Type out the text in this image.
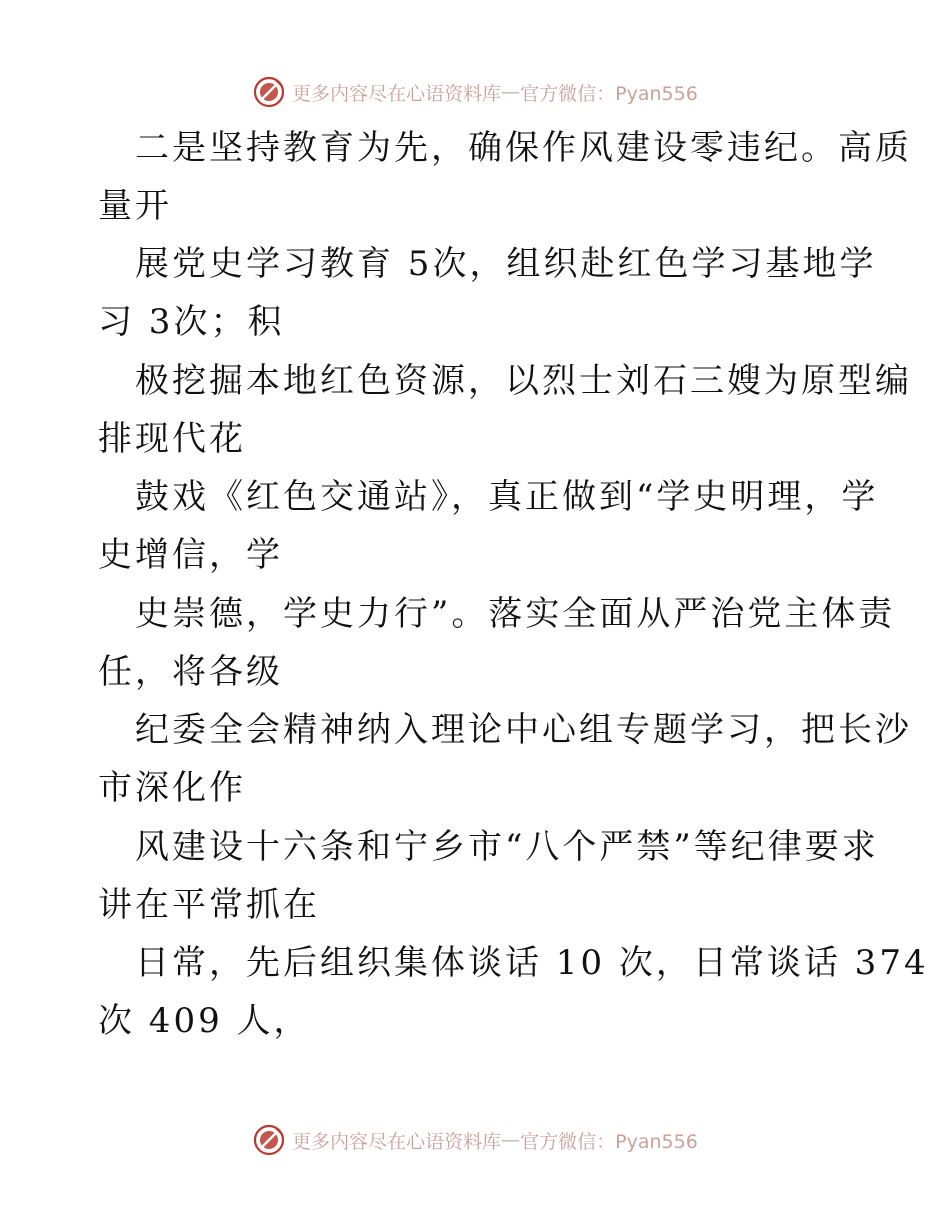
更多内容尽在心语资料库 — 官方微信：Pyan556
二是坚持教育为先，确保作风建设零违纪。高质
量开
展党史学习教育 5次，组织赴红色学习基地学
习 3次；积
极挖掘本地红色资源，以烈士刘石三嫂为原型编
排现代花
鼓戏《红色交通站》，真正做到“学史明理，学
史增信，学
史崇德，学史力行”。落实全面从严治党主体责
任，将各级
纪委全会精神纳入理论中心组专题学习，把长沙
市深化作
风建设十六条和宁乡市“八个严禁”等纪律要求
讲在平常抓在
日常，先后组织集体谈话 10 次，日常谈话 374
次 409 人，
更多内容尽在心语资料库 — 官方微信：Pyan556
